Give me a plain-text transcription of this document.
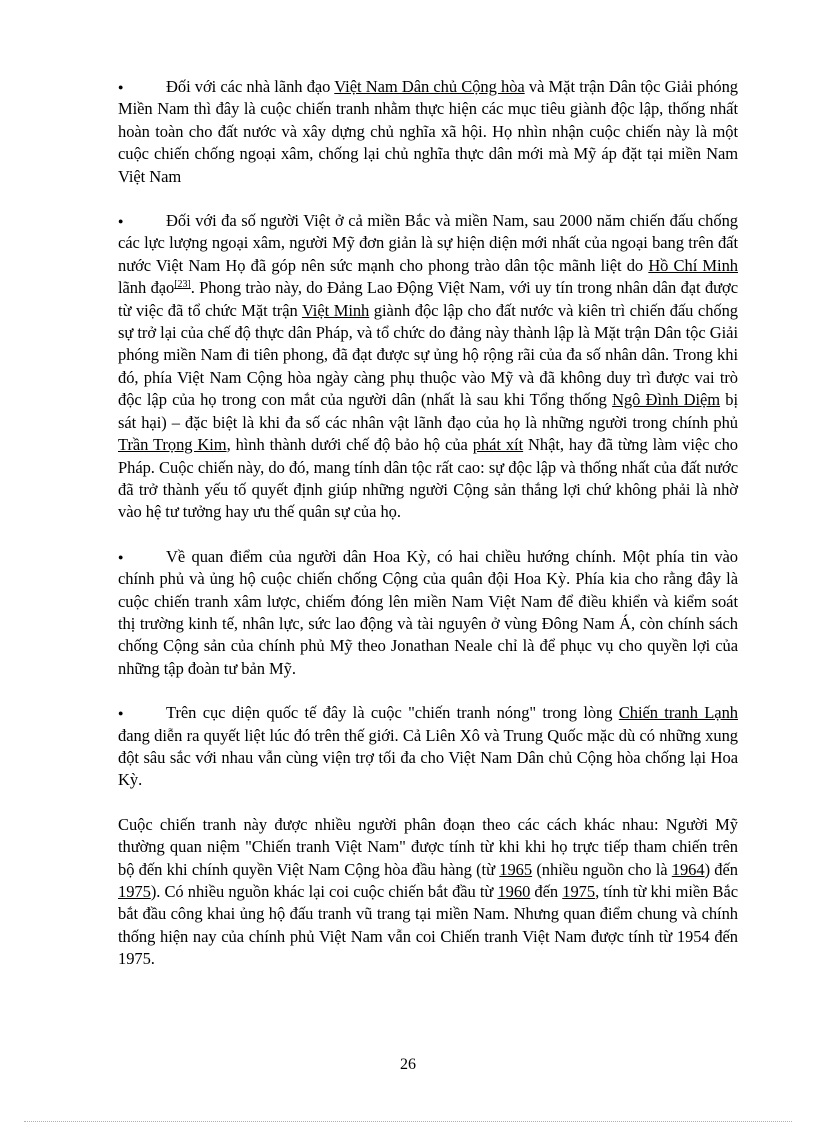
●	Đối với các nhà lãnh đạo Việt Nam Dân chủ Cộng hòa và Mặt trận Dân tộc Giải phóng Miền Nam thì đây là cuộc chiến tranh nhằm thực hiện các mục tiêu giành độc lập, thống nhất hoàn toàn cho đất nước và xây dựng chủ nghĩa xã hội. Họ nhìn nhận cuộc chiến này là một cuộc chiến chống ngoại xâm, chống lại chủ nghĩa thực dân mới mà Mỹ áp đặt tại miền Nam Việt Nam

●	Đối với đa số người Việt ở cả miền Bắc và miền Nam, sau 2000 năm chiến đấu chống các lực lượng ngoại xâm, người Mỹ đơn giản là sự hiện diện mới nhất của ngoại bang trên đất nước Việt Nam Họ đã góp nên sức mạnh cho phong trào dân tộc mãnh liệt do Hồ Chí Minh lãnh đạo[23]. Phong trào này, do Đảng Lao Động Việt Nam, với uy tín trong nhân dân đạt được từ việc đã tổ chức Mặt trận Việt Minh giành độc lập cho đất nước và kiên trì chiến đấu chống sự trở lại của chế độ thực dân Pháp, và tổ chức do đảng này thành lập là Mặt trận Dân tộc Giải phóng miền Nam đi tiên phong, đã đạt được sự ủng hộ rộng rãi của đa số nhân dân. Trong khi đó, phía Việt Nam Cộng hòa ngày càng phụ thuộc vào Mỹ và đã không duy trì được vai trò độc lập của họ trong con mắt của người dân (nhất là sau khi Tổng thống Ngô Đình Diệm bị sát hại) – đặc biệt là khi đa số các nhân vật lãnh đạo của họ là những người trong chính phủ Trần Trọng Kim, hình thành dưới chế độ bảo hộ của phát xít Nhật, hay đã từng làm việc cho Pháp. Cuộc chiến này, do đó, mang tính dân tộc rất cao: sự độc lập và thống nhất của đất nước đã trở thành yếu tố quyết định giúp những người Cộng sản thắng lợi chứ không phải là nhờ vào hệ tư tưởng hay ưu thế quân sự của họ.

●	Về quan điểm của người dân Hoa Kỳ, có hai chiều hướng chính. Một phía tin vào chính phủ và ủng hộ cuộc chiến chống Cộng của quân đội Hoa Kỳ. Phía kia cho rằng đây là cuộc chiến tranh xâm lược, chiếm đóng lên miền Nam Việt Nam để điều khiển và kiểm soát thị trường kinh tế, nhân lực, sức lao động và tài nguyên ở vùng Đông Nam Á, còn chính sách chống Cộng sản của chính phủ Mỹ theo Jonathan Neale chỉ là để phục vụ cho quyền lợi của những tập đoàn tư bản Mỹ.

●	Trên cục diện quốc tế đây là cuộc "chiến tranh nóng" trong lòng Chiến tranh Lạnh đang diễn ra quyết liệt lúc đó trên thế giới. Cả Liên Xô và Trung Quốc mặc dù có những xung đột sâu sắc với nhau vẫn cùng viện trợ tối đa cho Việt Nam Dân chủ Cộng hòa chống lại Hoa Kỳ.

Cuộc chiến tranh này được nhiều người phân đoạn theo các cách khác nhau: Người Mỹ thường quan niệm "Chiến tranh Việt Nam" được tính từ khi khi họ trực tiếp tham chiến trên bộ đến khi chính quyền Việt Nam Cộng hòa đầu hàng (từ 1965 (nhiều nguồn cho là 1964) đến 1975). Có nhiều nguồn khác lại coi cuộc chiến bắt đầu từ 1960 đến 1975, tính từ khi miền Bắc bắt đầu công khai ủng hộ đấu tranh vũ trang tại miền Nam. Nhưng quan điểm chung và chính thống hiện nay của chính phủ Việt Nam vẫn coi Chiến tranh Việt Nam được tính từ 1954 đến 1975.

26
